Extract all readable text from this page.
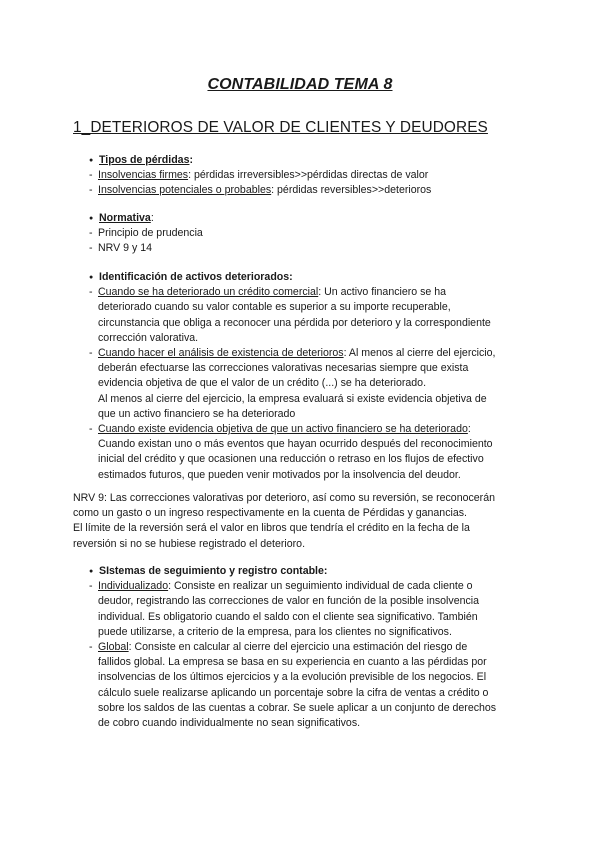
CONTABILIDAD TEMA 8
1_DETERIOROS DE VALOR DE CLIENTES Y DEUDORES

● Tipos de pérdidas:

- Insolvencias firmes: pérdidas irreversibles>>pérdidas directas de valor

- Insolvencias potenciales o probables: pérdidas reversibles>>deterioros

● Normativa:

- Principio de prudencia

- NRV 9 y 14

● Identificación de activos deteriorados:

- Cuando se ha deteriorado un crédito comercial: Un activo financiero se ha

deteriorado cuando su valor contable es superior a su importe recuperable,

circunstancia que obliga a reconocer una pérdida por deterioro y la correspondiente

corrección valorativa.

- Cuando hacer el análisis de existencia de deterioros: Al menos al cierre del ejercicio,

deberán efectuarse las correcciones valorativas necesarias siempre que exista

evidencia objetiva de que el valor de un crédito (...) se ha deteriorado.

Al menos al cierre del ejercicio, la empresa evaluará si existe evidencia objetiva de

que un activo financiero se ha deteriorado

- Cuando existe evidencia objetiva de que un activo financiero se ha deteriorado:

Cuando existan uno o más eventos que hayan ocurrido después del reconocimiento

inicial del crédito y que ocasionen una reducción o retraso en los flujos de efectivo

estimados futuros, que pueden venir motivados por la insolvencia del deudor.

NRV 9: Las correcciones valorativas por deterioro, así como su reversión, se reconocerán

como un gasto o un ingreso respectivamente en la cuenta de Pérdidas y ganancias.

El límite de la reversión será el valor en libros que tendría el crédito en la fecha de la

reversión si no se hubiese registrado el deterioro.

● SIstemas de seguimiento y registro contable:

- Individualizado: Consiste en realizar un seguimiento individual de cada cliente o

deudor, registrando las correcciones de valor en función de la posible insolvencia

individual. Es obligatorio cuando el saldo con el cliente sea significativo. También

puede utilizarse, a criterio de la empresa, para los clientes no significativos.

- Global: Consiste en calcular al cierre del ejercicio una estimación del riesgo de

fallidos global. La empresa se basa en su experiencia en cuanto a las pérdidas por

insolvencias de los últimos ejercicios y a la evolución previsible de los negocios. El

cálculo suele realizarse aplicando un porcentaje sobre la cifra de ventas a crédito o

sobre los saldos de las cuentas a cobrar. Se suele aplicar a un conjunto de derechos

de cobro cuando individualmente no sean significativos.
